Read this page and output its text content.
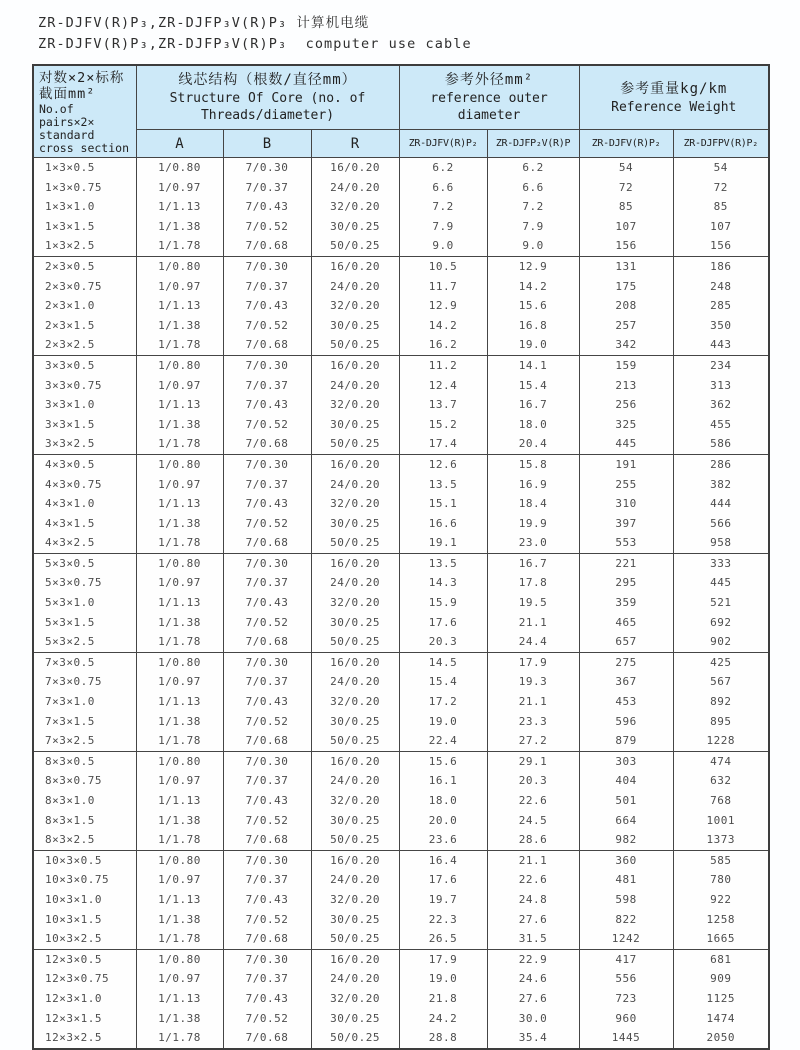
ZR-DJFV(R)P₃,ZR-DJFP₃V(R)P₃ 计算机电缆
ZR-DJFV(R)P₃,ZR-DJFP₃V(R)P₃  computer use cable
对数×2×标称截面mm²
No.of pairs×2× standard cross section	线芯结构（根数/直径mm）
Structure Of Core (no. of Threads/diameter)			参考外径mm²
reference outer diameter		参考重量kg/km
Reference Weight	

	A	B	R	ZR-DJFV(R)P₂	ZR-DJFP₂V(R)P	ZR-DJFV(R)P₂	ZR-DJFPV(R)P₂
1×3×0.5	1/0.80	7/0.30	16/0.20	6.2	6.2	54	54
1×3×0.75	1/0.97	7/0.37	24/0.20	6.6	6.6	72	72
1×3×1.0	1/1.13	7/0.43	32/0.20	7.2	7.2	85	85
1×3×1.5	1/1.38	7/0.52	30/0.25	7.9	7.9	107	107
1×3×2.5	1/1.78	7/0.68	50/0.25	9.0	9.0	156	156
2×3×0.5	1/0.80	7/0.30	16/0.20	10.5	12.9	131	186
2×3×0.75	1/0.97	7/0.37	24/0.20	11.7	14.2	175	248
2×3×1.0	1/1.13	7/0.43	32/0.20	12.9	15.6	208	285
2×3×1.5	1/1.38	7/0.52	30/0.25	14.2	16.8	257	350
2×3×2.5	1/1.78	7/0.68	50/0.25	16.2	19.0	342	443
3×3×0.5	1/0.80	7/0.30	16/0.20	11.2	14.1	159	234
3×3×0.75	1/0.97	7/0.37	24/0.20	12.4	15.4	213	313
3×3×1.0	1/1.13	7/0.43	32/0.20	13.7	16.7	256	362
3×3×1.5	1/1.38	7/0.52	30/0.25	15.2	18.0	325	455
3×3×2.5	1/1.78	7/0.68	50/0.25	17.4	20.4	445	586
4×3×0.5	1/0.80	7/0.30	16/0.20	12.6	15.8	191	286
4×3×0.75	1/0.97	7/0.37	24/0.20	13.5	16.9	255	382
4×3×1.0	1/1.13	7/0.43	32/0.20	15.1	18.4	310	444
4×3×1.5	1/1.38	7/0.52	30/0.25	16.6	19.9	397	566
4×3×2.5	1/1.78	7/0.68	50/0.25	19.1	23.0	553	958
5×3×0.5	1/0.80	7/0.30	16/0.20	13.5	16.7	221	333
5×3×0.75	1/0.97	7/0.37	24/0.20	14.3	17.8	295	445
5×3×1.0	1/1.13	7/0.43	32/0.20	15.9	19.5	359	521
5×3×1.5	1/1.38	7/0.52	30/0.25	17.6	21.1	465	692
5×3×2.5	1/1.78	7/0.68	50/0.25	20.3	24.4	657	902
7×3×0.5	1/0.80	7/0.30	16/0.20	14.5	17.9	275	425
7×3×0.75	1/0.97	7/0.37	24/0.20	15.4	19.3	367	567
7×3×1.0	1/1.13	7/0.43	32/0.20	17.2	21.1	453	892
7×3×1.5	1/1.38	7/0.52	30/0.25	19.0	23.3	596	895
7×3×2.5	1/1.78	7/0.68	50/0.25	22.4	27.2	879	1228
8×3×0.5	1/0.80	7/0.30	16/0.20	15.6	29.1	303	474
8×3×0.75	1/0.97	7/0.37	24/0.20	16.1	20.3	404	632
8×3×1.0	1/1.13	7/0.43	32/0.20	18.0	22.6	501	768
8×3×1.5	1/1.38	7/0.52	30/0.25	20.0	24.5	664	1001
8×3×2.5	1/1.78	7/0.68	50/0.25	23.6	28.6	982	1373
10×3×0.5	1/0.80	7/0.30	16/0.20	16.4	21.1	360	585
10×3×0.75	1/0.97	7/0.37	24/0.20	17.6	22.6	481	780
10×3×1.0	1/1.13	7/0.43	32/0.20	19.7	24.8	598	922
10×3×1.5	1/1.38	7/0.52	30/0.25	22.3	27.6	822	1258
10×3×2.5	1/1.78	7/0.68	50/0.25	26.5	31.5	1242	1665
12×3×0.5	1/0.80	7/0.30	16/0.20	17.9	22.9	417	681
12×3×0.75	1/0.97	7/0.37	24/0.20	19.0	24.6	556	909
12×3×1.0	1/1.13	7/0.43	32/0.20	21.8	27.6	723	1125
12×3×1.5	1/1.38	7/0.52	30/0.25	24.2	30.0	960	1474
12×3×2.5	1/1.78	7/0.68	50/0.25	28.8	35.4	1445	2050
